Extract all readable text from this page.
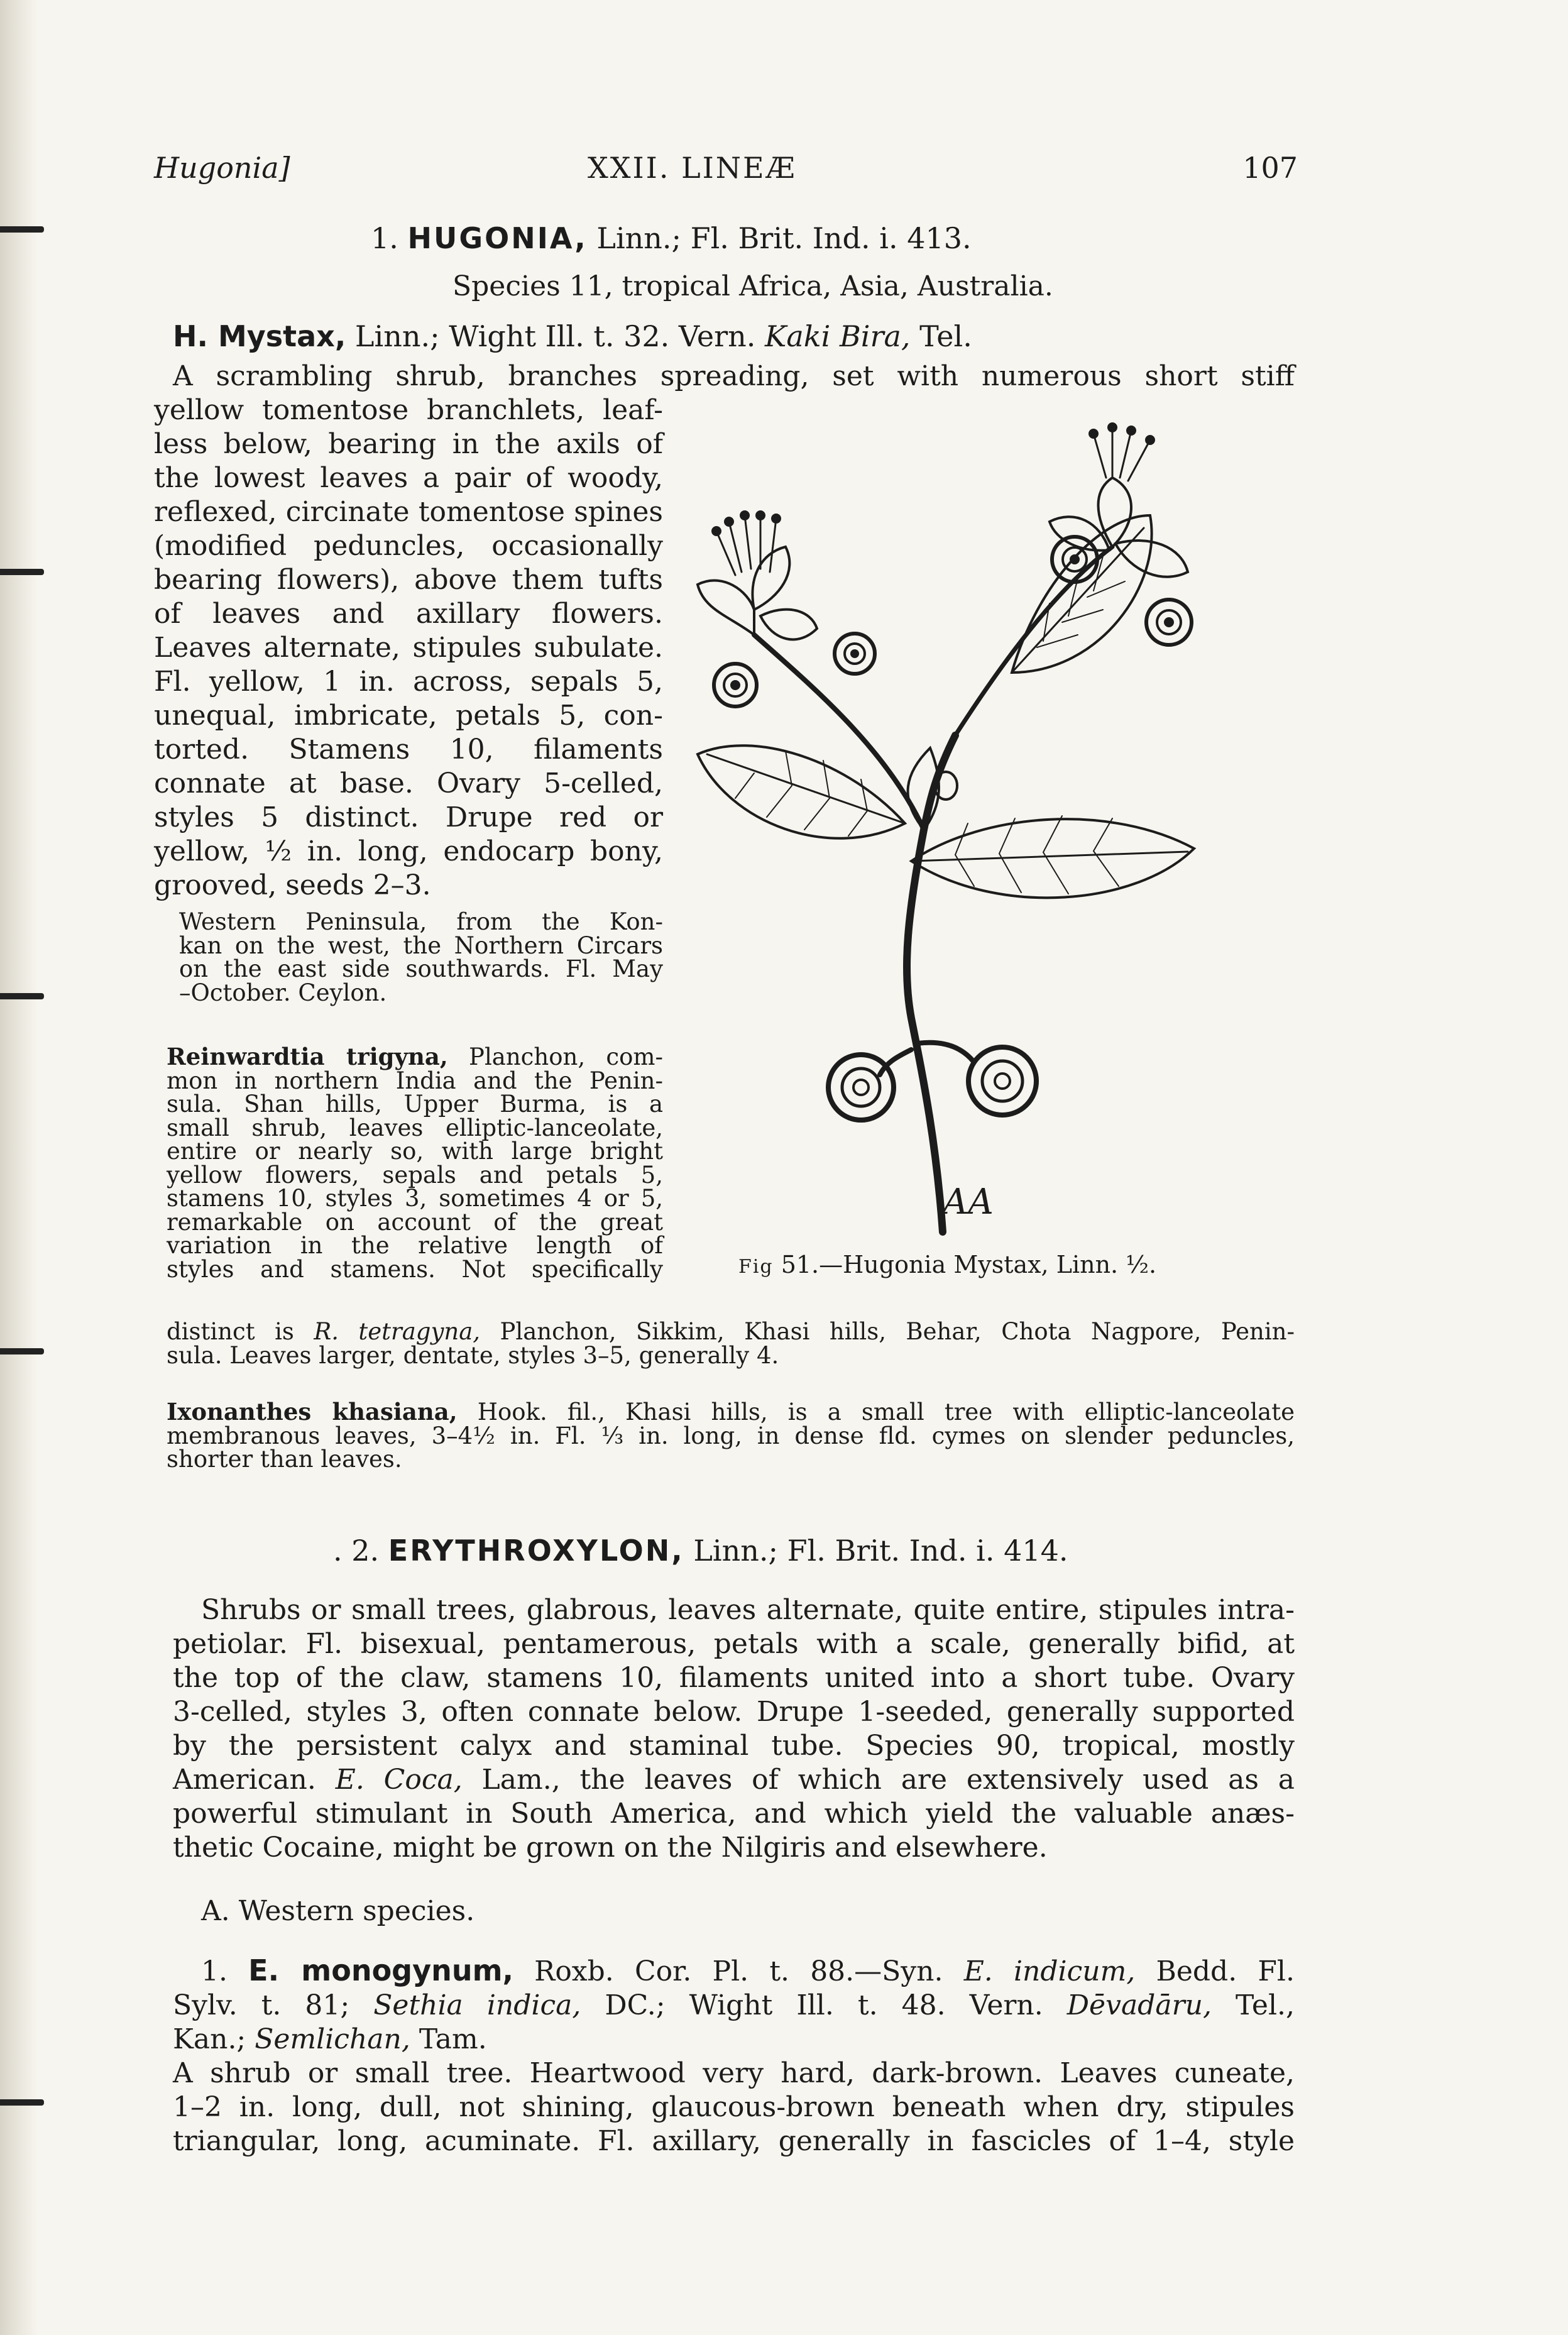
Hugonia]	XXII. LINEÆ	107
1. HUGONIA, Linn.; Fl. Brit. Ind. i. 413.
Species 11, tropical Africa, Asia, Australia.
H. Mystax, Linn.; Wight Ill. t. 32. Vern. Kaki Bira, Tel.
A scrambling shrub, branches spreading, set with numerous short stiff
yellow tomentose branchlets, leaf-
less below, bearing in the axils of
the lowest leaves a pair of woody,
reflexed, circinate tomentose spines
(modified peduncles, occasionally
bearing flowers), above them tufts
of leaves and axillary flowers.
Leaves alternate, stipules subulate.
Fl. yellow, 1 in. across, sepals 5,
unequal, imbricate, petals 5, con-
torted. Stamens 10, filaments
connate at base. Ovary 5-celled,
styles 5 distinct. Drupe red or
yellow, ½ in. long, endocarp bony,
grooved, seeds 2–3.
Western Peninsula, from the Kon-
kan on the west, the Northern Circars
on the east side southwards. Fl. May
–October. Ceylon.
Reinwardtia trigyna, Planchon, com-
mon in northern India and the Penin-
sula. Shan hills, Upper Burma, is a
small shrub, leaves elliptic-lanceolate,
entire or nearly so, with large bright
yellow flowers, sepals and petals 5,
stamens 10, styles 3, sometimes 4 or 5,
remarkable on account of the great
variation in the relative length of
styles and stamens. Not specifically
distinct is R. tetragyna, Planchon, Sikkim, Khasi hills, Behar, Chota Nagpore, Penin-
sula. Leaves larger, dentate, styles 3–5, generally 4.
Ixonanthes khasiana, Hook. fil., Khasi hills, is a small tree with elliptic-lanceolate
membranous leaves, 3–4½ in. Fl. ⅓ in. long, in dense fld. cymes on slender peduncles,
shorter than leaves.
AA
Fig 51.—Hugonia Mystax, Linn. ½.
. 2. ERYTHROXYLON, Linn.; Fl. Brit. Ind. i. 414.
Shrubs or small trees, glabrous, leaves alternate, quite entire, stipules intra-
petiolar. Fl. bisexual, pentamerous, petals with a scale, generally bifid, at
the top of the claw, stamens 10, filaments united into a short tube. Ovary
3-celled, styles 3, often connate below. Drupe 1-seeded, generally supported
by the persistent calyx and staminal tube. Species 90, tropical, mostly
American. E. Coca, Lam., the leaves of which are extensively used as a
powerful stimulant in South America, and which yield the valuable anæs-
thetic Cocaine, might be grown on the Nilgiris and elsewhere.
A. Western species.
1. E. monogynum, Roxb. Cor. Pl. t. 88.—Syn. E. indicum, Bedd. Fl.
Sylv. t. 81; Sethia indica, DC.; Wight Ill. t. 48. Vern. Dēvadāru, Tel.,
Kan.; Semlichan, Tam.
A shrub or small tree. Heartwood very hard, dark-brown. Leaves cuneate,
1–2 in. long, dull, not shining, glaucous-brown beneath when dry, stipules
triangular, long, acuminate. Fl. axillary, generally in fascicles of 1–4, style
